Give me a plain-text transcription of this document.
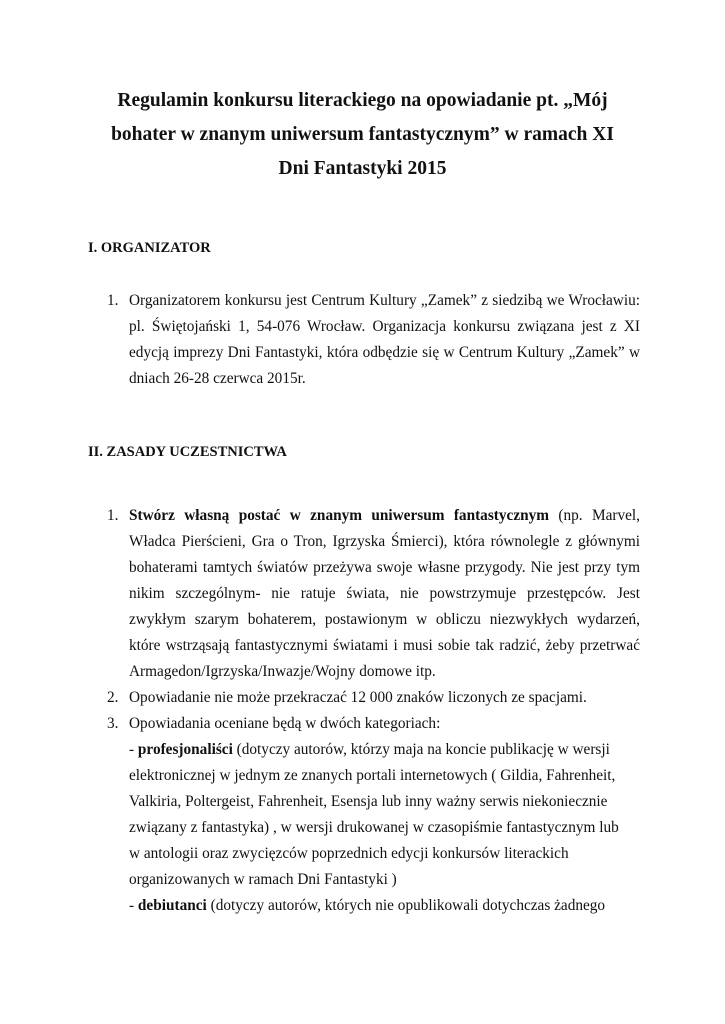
Regulamin konkursu literackiego na opowiadanie pt. „Mój
bohater w znanym uniwersum fantastycznym” w ramach XI
Dni Fantastyki 2015
I. ORGANIZATOR
1. Organizatorem konkursu jest Centrum Kultury „Zamek” z siedzibą we Wrocławiu:
pl. Świętojański 1, 54-076 Wrocław. Organizacja konkursu związana jest z XI
edycją imprezy Dni Fantastyki, która odbędzie się w Centrum Kultury „Zamek” w
dniach 26-28 czerwca 2015r.
II. ZASADY UCZESTNICTWA
1. Stwórz własną postać w znanym uniwersum fantastycznym (np. Marvel,
Władca Pierścieni, Gra o Tron, Igrzyska Śmierci), która równolegle z głównymi
bohaterami tamtych światów przeżywa swoje własne przygody. Nie jest przy tym
nikim szczególnym- nie ratuje świata, nie powstrzymuje przestępców. Jest
zwykłym szarym bohaterem, postawionym w obliczu niezwykłych wydarzeń,
które wstrząsają fantastycznymi światami i musi sobie tak radzić, żeby przetrwać
Armagedon/Igrzyska/Inwazje/Wojny domowe itp.
2. Opowiadanie nie może przekraczać 12 000 znaków liczonych ze spacjami.
3. Opowiadania oceniane będą w dwóch kategoriach:
- profesjonaliści (dotyczy autorów, którzy maja na koncie publikację w wersji
elektronicznej w jednym ze znanych portali internetowych ( Gildia, Fahrenheit,
Valkiria, Poltergeist, Fahrenheit, Esensja lub inny ważny serwis niekoniecznie
związany z fantastyka) , w wersji drukowanej w czasopiśmie fantastycznym lub
w antologii oraz zwycięzców poprzednich edycji konkursów literackich
organizowanych w ramach Dni Fantastyki )
- debiutanci (dotyczy autorów, których nie opublikowali dotychczas żadnego
